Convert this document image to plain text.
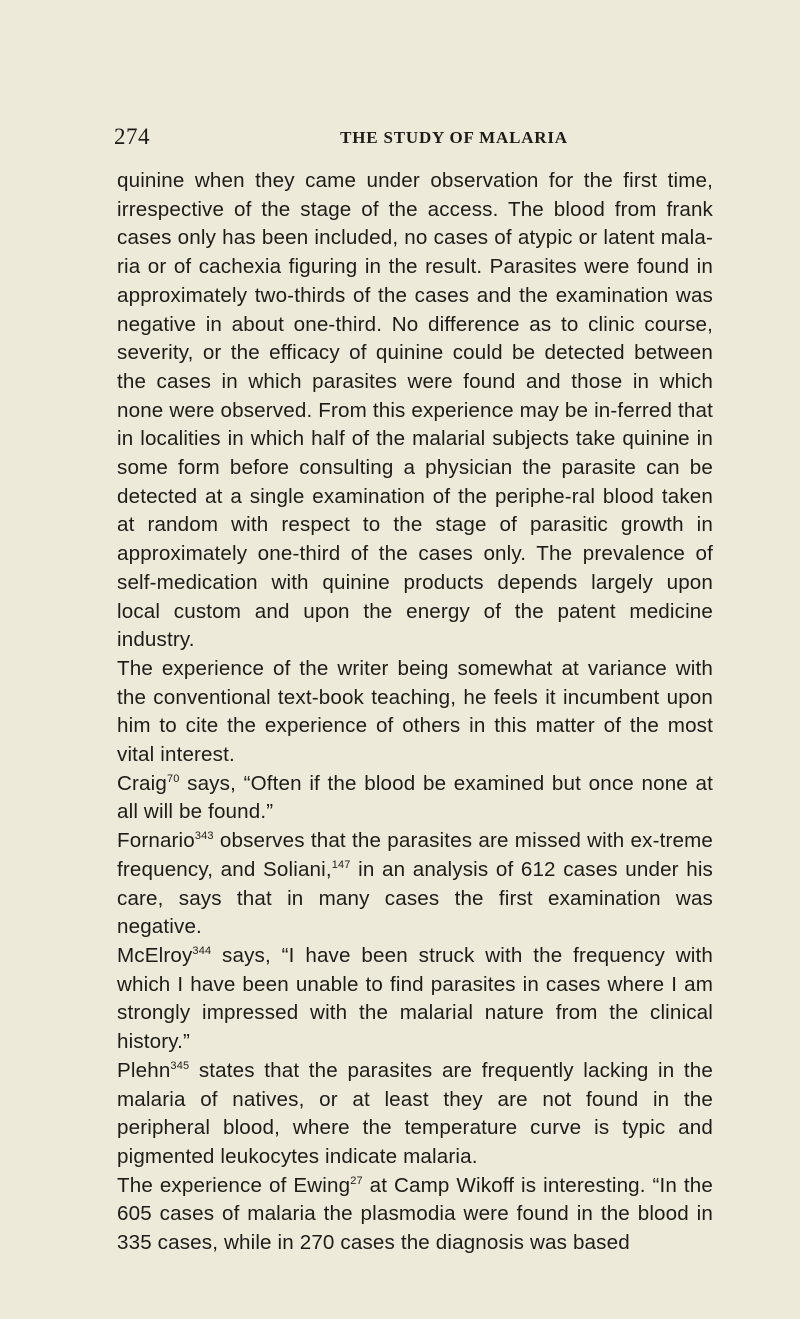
274	THE STUDY OF MALARIA

quinine when they came under observation for the first time, irrespective of the stage of the access. The blood from frank cases only has been included, no cases of atypic or latent mala-ria or of cachexia figuring in the result. Parasites were found in approximately two-thirds of the cases and the examination was negative in about one-third. No difference as to clinic course, severity, or the efficacy of quinine could be detected between the cases in which parasites were found and those in which none were observed. From this experience may be in-ferred that in localities in which half of the malarial subjects take quinine in some form before consulting a physician the parasite can be detected at a single examination of the periphe-ral blood taken at random with respect to the stage of parasitic growth in approximately one-third of the cases only. The prevalence of self-medication with quinine products depends largely upon local custom and upon the energy of the patent medicine industry.

The experience of the writer being somewhat at variance with the conventional text-book teaching, he feels it incumbent upon him to cite the experience of others in this matter of the most vital interest.

Craig$^{70}$ says, “Often if the blood be examined but once none at all will be found.”

Fornario$^{343}$ observes that the parasites are missed with ex-treme frequency, and Soliani,$^{147}$ in an analysis of 612 cases under his care, says that in many cases the first examination was negative.

McElroy$^{344}$ says, “I have been struck with the frequency with which I have been unable to find parasites in cases where I am strongly impressed with the malarial nature from the clinical history.”

Plehn$^{345}$ states that the parasites are frequently lacking in the malaria of natives, or at least they are not found in the peripheral blood, where the temperature curve is typic and pigmented leukocytes indicate malaria.

The experience of Ewing$^{27}$ at Camp Wikoff is interesting. “In the 605 cases of malaria the plasmodia were found in the blood in 335 cases, while in 270 cases the diagnosis was based
